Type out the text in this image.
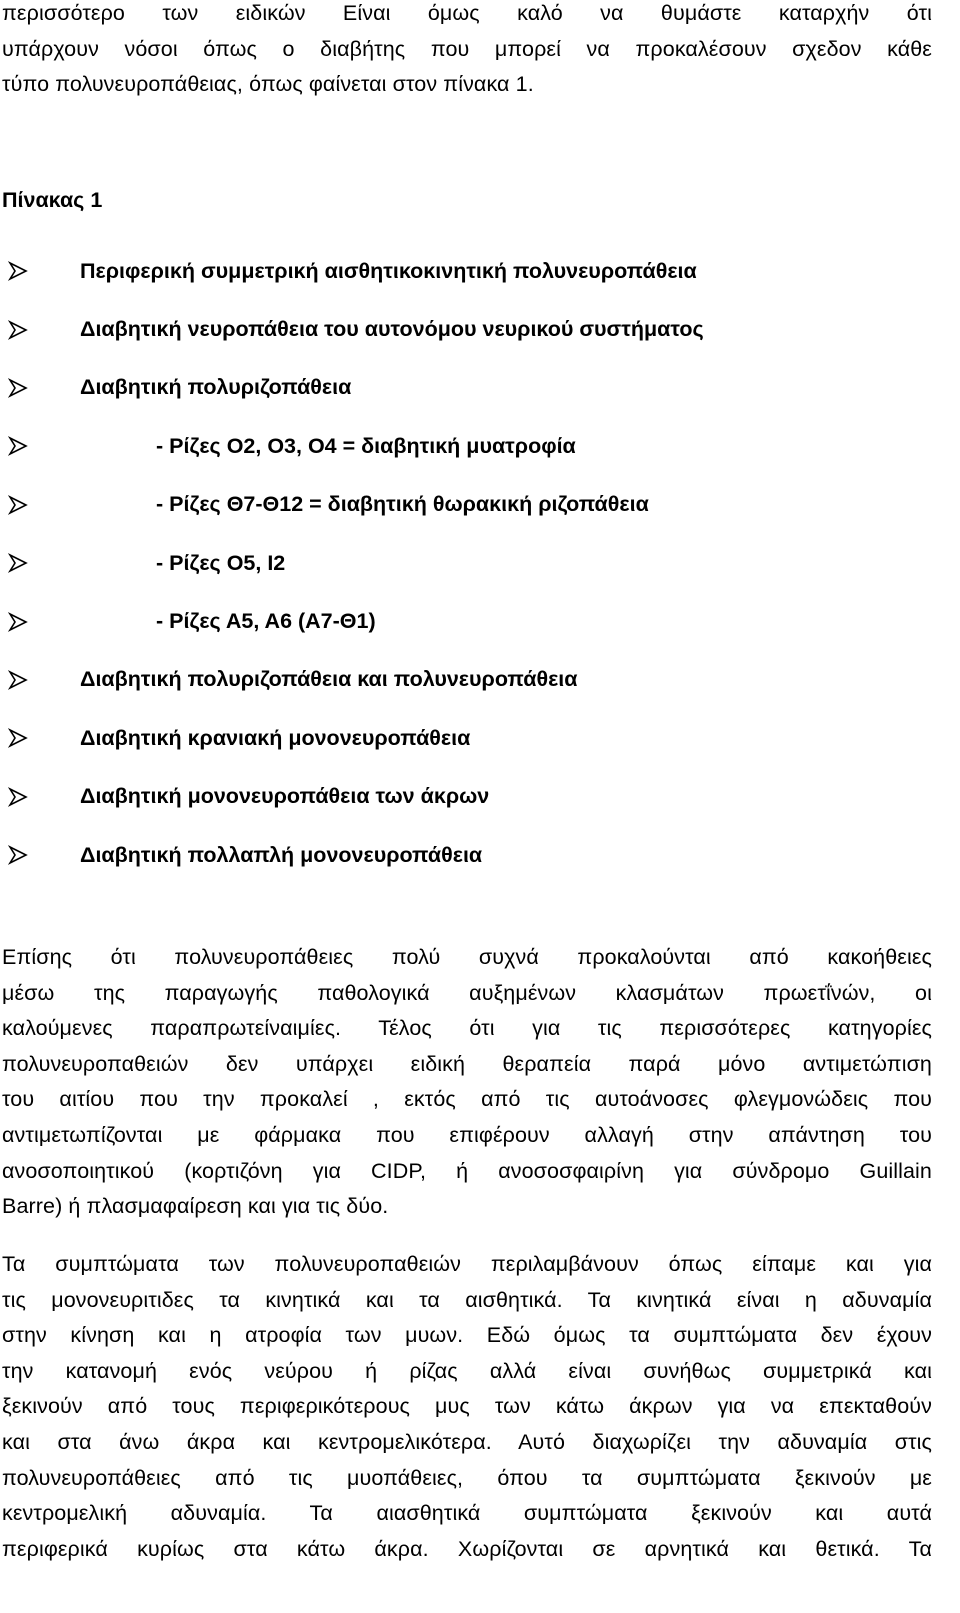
περισσότερο των ειδικών Είναι όμως καλό να θυμάστε καταρχήν ότι
υπάρχουν νόσοι όπως ο διαβήτης που μπορεί να προκαλέσουν σχεδον κάθε
τύπο πολυνευροπάθειας, όπως φαίνεται στον πίνακα 1.
Πίνακας 1
Περιφερική συμμετρική αισθητικοκινητική πολυνευροπάθεια
Διαβητική νευροπάθεια του αυτονόμου νευρικού συστήματος
Διαβητική πολυριζοπάθεια
- Ρίζες Ο2, Ο3, Ο4 = διαβητική μυατροφία
- Ρίζες Θ7-Θ12 = διαβητική θωρακική ριζοπάθεια
- Ρίζες Ο5, Ι2
- Ρίζες Α5, Α6 (Α7-Θ1)
Διαβητική πολυριζοπάθεια και πολυνευροπάθεια
Διαβητική κρανιακή μονονευροπάθεια
Διαβητική μονονευροπάθεια των άκρων
Διαβητική πολλαπλή μονονευροπάθεια
Επίσης ότι πολυνευροπάθειες πολύ συχνά προκαλούνται από κακοήθειες
μέσω της παραγωγής παθολογικά αυξημένων κλασμάτων πρωετΐνών, οι
καλούμενες παραπρωτείναιμίες. Τέλος ότι για τις περισσότερες κατηγορίες
πολυνευροπαθειών δεν υπάρχει ειδική θεραπεία παρά μόνο αντιμετώπιση
του αιτίου που την προκαλεί , εκτός από τις αυτοάνοσες φλεγμονώδεις που
αντιμετωπίζονται με φάρμακα που επιφέρουν αλλαγή στην απάντηση του
ανοσοποιητικού (κορτιζόνη για CIDP, ή ανοσοσφαιρίνη για σύνδρομο Guillain
Barre) ή πλασμαφαίρεση και για τις δύο.
Τα συμπτώματα των πολυνευροπαθειών περιλαμβάνουν όπως είπαμε και για
τις μονονευριτιδες τα κινητικά και τα αισθητικά. Τα κινητικά είναι η αδυναμία
στην κίνηση και η ατροφία των μυων. Εδώ όμως τα συμπτώματα δεν έχουν
την κατανομή ενός νεύρου ή ρίζας αλλά είναι συνήθως συμμετρικά και
ξεκινούν από τους περιφερικότερους μυς των κάτω άκρων για να επεκταθούν
και στα άνω άκρα και κεντρομελικότερα. Αυτό διαχωρίζει την αδυναμία στις
πολυνευροπάθειες από τις μυοπάθειες, όπου τα συμπτώματα ξεκινούν με
κεντρομελική αδυναμία. Τα αιασθητικά συμπτώματα ξεκινούν και αυτά
περιφερικά κυρίως στα κάτω άκρα. Χωρίζονται σε αρνητικά και θετικά. Τα
